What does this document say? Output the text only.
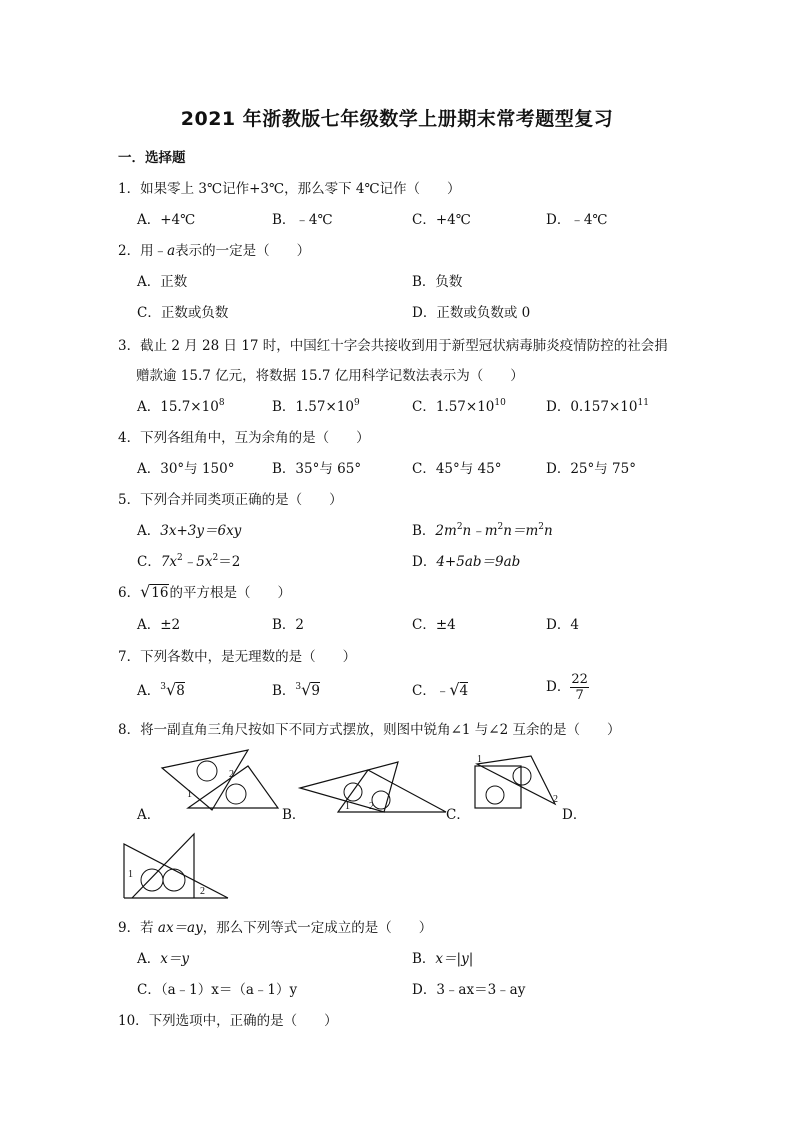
2021 年浙教版七年级数学上册期末常考题型复习
一．选择题
1．如果零上 3℃记作+3℃，那么零下 4℃记作（　　）
A．+4℃	B．﹣4℃	C．+4℃	D．﹣4℃
2．用﹣a表示的一定是（　　）
A．正数	B．负数
C．正数或负数	D．正数或负数或 0
3．截止 2 月 28 日 17 时，中国红十字会共接收到用于新型冠状病毒肺炎疫情防控的社会捐
赠款逾 15.7 亿元，将数据 15.7 亿用科学记数法表示为（　　）
A．$15.7\times 10^8$	B．$1.57\times 10^9$	C．$1.57\times 10^{10}$	D．$0.157\times 10^{11}$
4．下列各组角中，互为余角的是（　　）
A．30°与 150°	B．35°与 65°	C．45°与 45°	D．25°与 75°
5．下列合并同类项正确的是（　　）
A．3x+3y＝6xy	B．$2m^2n﹣m^2n=m^2n$
C．$7x^2﹣5x^2=2$	D．4+5ab＝9ab
6．√16的平方根是（　　）
A．±2	B．2	C．±4	D．4
7．下列各数中，是无理数的是（　　）
A．$^3$√8	B．$^3$√9	C．﹣√4	D． $\frac{22}{7}$
8．将一副直角三角尺按如下不同方式摆放，则图中锐角∠1 与∠2 互余的是（　　）
1
2
A．
1 2
B．
1
2
C．	D．
1
2
9．若 ax＝ay，那么下列等式一定成立的是（　　）
A．x＝y	B．x＝|y|
C．（a﹣1）x＝（a﹣1）y	D．3﹣ax＝3﹣ay
10．下列选项中，正确的是（　　）
